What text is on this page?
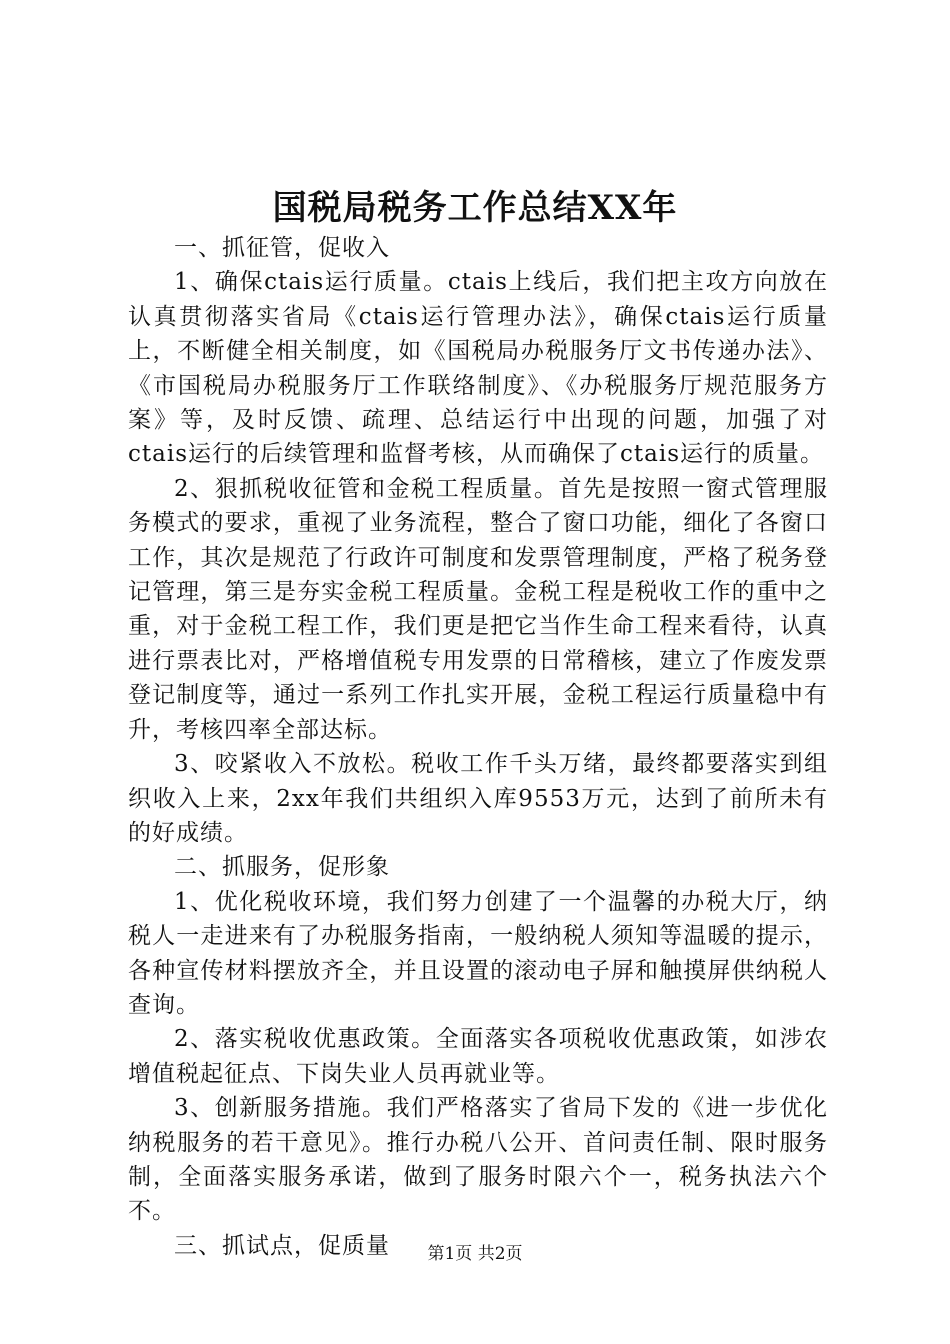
国税局税务工作总结XX年

一、抓征管，促收入

1、确保ctais运行质量。ctais上线后，我们把主攻方向放在认真贯彻落实省局《ctais运行管理办法》，确保ctais运行质量上，不断健全相关制度，如《国税局办税服务厅文书传递办法》、《市国税局办税服务厅工作联络制度》、《办税服务厅规范服务方案》等，及时反馈、疏理、总结运行中出现的问题，加强了对ctais运行的后续管理和监督考核，从而确保了ctais运行的质量。

2、狠抓税收征管和金税工程质量。首先是按照一窗式管理服务模式的要求，重视了业务流程，整合了窗口功能，细化了各窗口工作，其次是规范了行政许可制度和发票管理制度，严格了税务登记管理，第三是夯实金税工程质量。金税工程是税收工作的重中之重，对于金税工程工作，我们更是把它当作生命工程来看待，认真进行票表比对，严格增值税专用发票的日常稽核，建立了作废发票登记制度等，通过一系列工作扎实开展，金税工程运行质量稳中有升，考核四率全部达标。

3、咬紧收入不放松。税收工作千头万绪，最终都要落实到组织收入上来，2xx年我们共组织入库9553万元，达到了前所未有的好成绩。

二、抓服务，促形象

1、优化税收环境，我们努力创建了一个温馨的办税大厅，纳税人一走进来有了办税服务指南，一般纳税人须知等温暖的提示，各种宣传材料摆放齐全，并且设置的滚动电子屏和触摸屏供纳税人查询。

2、落实税收优惠政策。全面落实各项税收优惠政策，如涉农增值税起征点、下岗失业人员再就业等。

3、创新服务措施。我们严格落实了省局下发的《进一步优化纳税服务的若干意见》。推行办税八公开、首问责任制、限时服务制，全面落实服务承诺，做到了服务时限六个一，税务执法六个不。

三、抓试点，促质量	第1页 共2页
